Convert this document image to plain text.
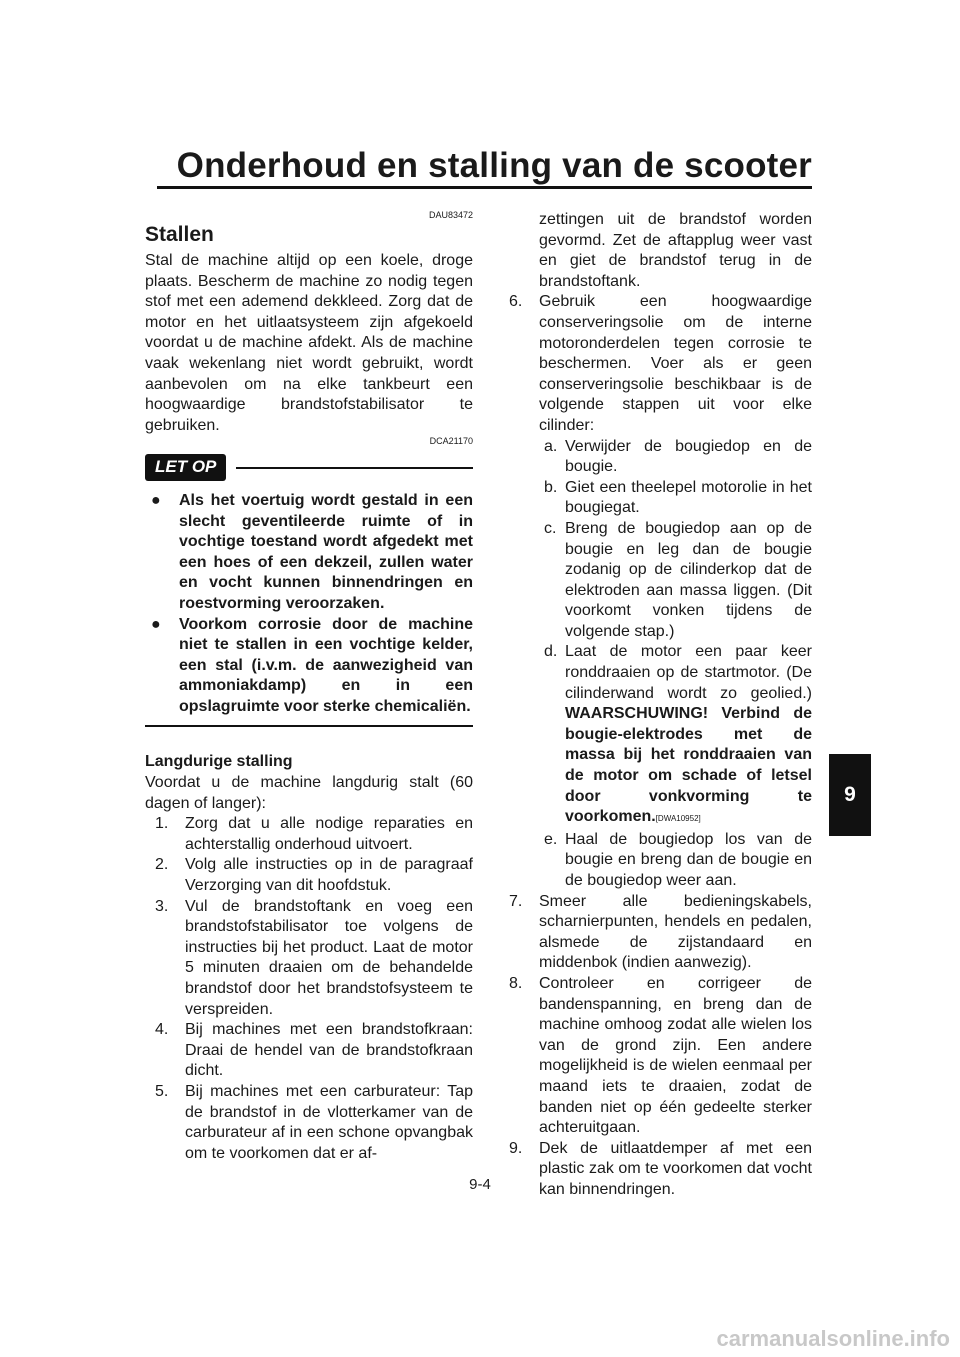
Onderhoud en stalling van de scooter
9
DAU83472
Stallen

Stal de machine altijd op een koele, droge plaats. Bescherm de machine zo nodig tegen stof met een ademend dekkleed. Zorg dat de motor en het uitlaatsysteem zijn afgekoeld voordat u de machine afdekt. Als de machine vaak wekenlang niet wordt gebruikt, wordt aanbevolen om na elke tankbeurt een hoogwaardige brandstofstabilisator te gebruiken.

DCA21170
LET OP
● Als het voertuig wordt gestald in een slecht geventileerde ruimte of in vochtige toestand wordt afgedekt met een hoes of een dekzeil, zullen water en vocht kunnen binnendringen en roestvorming veroorzaken.
● Voorkom corrosie door de machine niet te stallen in een vochtige kelder, een stal (i.v.m. de aanwezigheid van ammoniakdamp) en in een opslagruimte voor sterke chemicaliën.
Langdurige stalling

Voordat u de machine langdurig stalt (60 dagen of langer):

1. Zorg dat u alle nodige reparaties en achterstallig onderhoud uitvoert.
2. Volg alle instructies op in de paragraaf Verzorging van dit hoofdstuk.
3. Vul de brandstoftank en voeg een brandstofstabilisator toe volgens de instructies bij het product. Laat de motor 5 minuten draaien om de behandelde brandstof door het brandstofsysteem te verspreiden.
4. Bij machines met een brandstofkraan: Draai de hendel van de brandstofkraan dicht.
5. Bij machines met een carburateur: Tap de brandstof in de vlotterkamer van de carburateur af in een schone opvangbak om te voorkomen dat er af-
zettingen uit de brandstof worden gevormd. Zet de aftapplug weer vast en giet de brandstof terug in de brandstoftank.
6. Gebruik een hoogwaardige conserveringsolie om de interne motoronderdelen tegen corrosie te beschermen. Voer als er geen conserveringsolie beschikbaar is de volgende stappen uit voor elke cilinder:
a. Verwijder de bougiedop en de bougie.
b. Giet een theelepel motorolie in het bougiegat.
c. Breng de bougiedop aan op de bougie en leg dan de bougie zodanig op de cilinderkop dat de elektroden aan massa liggen. (Dit voorkomt vonken tijdens de volgende stap.)
d. Laat de motor een paar keer ronddraaien op de startmotor. (De cilinderwand wordt zo geolied.) WAARSCHUWING! Verbind de bougie-elektrodes met de massa bij het ronddraaien van de motor om schade of letsel door vonkvorming te voorkomen.[DWA10952]
e. Haal de bougiedop los van de bougie en breng dan de bougie en de bougiedop weer aan.
7. Smeer alle bedieningskabels, scharnierpunten, hendels en pedalen, alsmede de zijstandaard en middenbok (indien aanwezig).
8. Controleer en corrigeer de bandenspanning, en breng dan de machine omhoog zodat alle wielen los van de grond zijn. Een andere mogelijkheid is de wielen eenmaal per maand iets te draaien, zodat de banden niet op één gedeelte sterker achteruitgaan.
9. Dek de uitlaatdemper af met een plastic zak om te voorkomen dat vocht kan binnendringen.
9-4
carmanualsonline.info
